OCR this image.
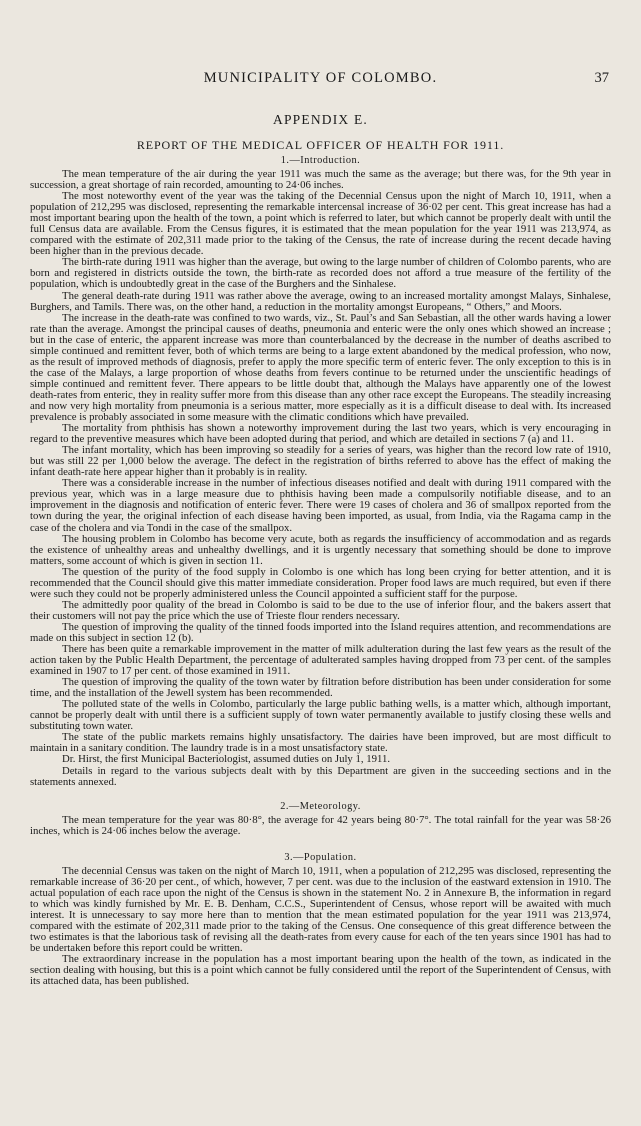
MUNICIPALITY OF COLOMBO.	37
APPENDIX E.
REPORT OF THE MEDICAL OFFICER OF HEALTH FOR 1911.
1.—Introduction.

The mean temperature of the air during the year 1911 was much the same as the average; but there was, for the 9th year in succession, a great shortage of rain recorded, amounting to 24·06 inches.

The most noteworthy event of the year was the taking of the Decennial Census upon the night of March 10, 1911, when a population of 212,295 was disclosed, representing the remarkable intercensal increase of 36·02 per cent. This great increase has had a most important bearing upon the health of the town, a point which is referred to later, but which cannot be properly dealt with until the full Census data are available. From the Census figures, it is estimated that the mean population for the year 1911 was 213,974, as compared with the estimate of 202,311 made prior to the taking of the Census, the rate of increase during the recent decade having been higher than in the previous decade.

The birth-rate during 1911 was higher than the average, but owing to the large number of children of Colombo parents, who are born and registered in districts outside the town, the birth-rate as recorded does not afford a true measure of the fertility of the population, which is undoubtedly great in the case of the Burghers and the Sinhalese.

The general death-rate during 1911 was rather above the average, owing to an increased mortality amongst Malays, Sinhalese, Burghers, and Tamils. There was, on the other hand, a reduction in the mortality amongst Europeans, “ Others,” and Moors.

The increase in the death-rate was confined to two wards, viz., St. Paul’s and San Sebastian, all the other wards having a lower rate than the average. Amongst the principal causes of deaths, pneumonia and enteric were the only ones which showed an increase ; but in the case of enteric, the apparent increase was more than counterbalanced by the decrease in the number of deaths ascribed to simple continued and remittent fever, both of which terms are being to a large extent abandoned by the medical profession, who now, as the result of improved methods of diagnosis, prefer to apply the more specific term of enteric fever. The only exception to this is in the case of the Malays, a large proportion of whose deaths from fevers continue to be returned under the unscientific headings of simple continued and remittent fever. There appears to be little doubt that, although the Malays have apparently one of the lowest death-rates from enteric, they in reality suffer more from this disease than any other race except the Europeans. The steadily increasing and now very high mortality from pneumonia is a serious matter, more especially as it is a difficult disease to deal with. Its increased prevalence is probably associated in some measure with the climatic conditions which have prevailed.

The mortality from phthisis has shown a noteworthy improvement during the last two years, which is very encouraging in regard to the preventive measures which have been adopted during that period, and which are detailed in sections 7 (a) and 11.

The infant mortality, which has been improving so steadily for a series of years, was higher than the record low rate of 1910, but was still 22 per 1,000 below the average. The defect in the registration of births referred to above has the effect of making the infant death-rate here appear higher than it probably is in reality.

There was a considerable increase in the number of infectious diseases notified and dealt with during 1911 compared with the previous year, which was in a large measure due to phthisis having been made a compulsorily notifiable disease, and to an improvement in the diagnosis and notification of enteric fever. There were 19 cases of cholera and 36 of smallpox reported from the town during the year, the original infection of each disease having been imported, as usual, from India, via the Ragama camp in the case of the cholera and via Tondi in the case of the smallpox.

The housing problem in Colombo has become very acute, both as regards the insufficiency of accommodation and as regards the existence of unhealthy areas and unhealthy dwellings, and it is urgently necessary that something should be done to improve matters, some account of which is given in section 11.

The question of the purity of the food supply in Colombo is one which has long been crying for better attention, and it is recommended that the Council should give this matter immediate consideration. Proper food laws are much required, but even if there were such they could not be properly administered unless the Council appointed a sufficient staff for the purpose.

The admittedly poor quality of the bread in Colombo is said to be due to the use of inferior flour, and the bakers assert that their customers will not pay the price which the use of Trieste flour renders necessary.

The question of improving the quality of the tinned foods imported into the Island requires attention, and recommendations are made on this subject in section 12 (b).

There has been quite a remarkable improvement in the matter of milk adulteration during the last few years as the result of the action taken by the Public Health Department, the percentage of adulterated samples having dropped from 73 per cent. of the samples examined in 1907 to 17 per cent. of those examined in 1911.

The question of improving the quality of the town water by filtration before distribution has been under consideration for some time, and the installation of the Jewell system has been recommended.

The polluted state of the wells in Colombo, particularly the large public bathing wells, is a matter which, although important, cannot be properly dealt with until there is a sufficient supply of town water permanently available to justify closing these wells and substituting town water.

The state of the public markets remains highly unsatisfactory. The dairies have been improved, but are most difficult to maintain in a sanitary condition. The laundry trade is in a most unsatisfactory state.

Dr. Hirst, the first Municipal Bacteriologist, assumed duties on July 1, 1911.

Details in regard to the various subjects dealt with by this Department are given in the succeeding sections and in the statements annexed.

2.—Meteorology.

The mean temperature for the year was 80·8°, the average for 42 years being 80·7°. The total rainfall for the year was 58·26 inches, which is 24·06 inches below the average.

3.—Population.

The decennial Census was taken on the night of March 10, 1911, when a population of 212,295 was disclosed, representing the remarkable increase of 36·20 per cent., of which, however, 7 per cent. was due to the inclusion of the eastward extension in 1910. The actual population of each race upon the night of the Census is shown in the statement No. 2 in Annexure B, the information in regard to which was kindly furnished by Mr. E. B. Denham, C.C.S., Superintendent of Census, whose report will be awaited with much interest. It is unnecessary to say more here than to mention that the mean estimated population for the year 1911 was 213,974, compared with the estimate of 202,311 made prior to the taking of the Census. One consequence of this great difference between the two estimates is that the laborious task of revising all the death-rates from every cause for each of the ten years since 1901 has had to be undertaken before this report could be written.

The extraordinary increase in the population has a most important bearing upon the health of the town, as indicated in the section dealing with housing, but this is a point which cannot be fully considered until the report of the Superintendent of Census, with its attached data, has been published.
